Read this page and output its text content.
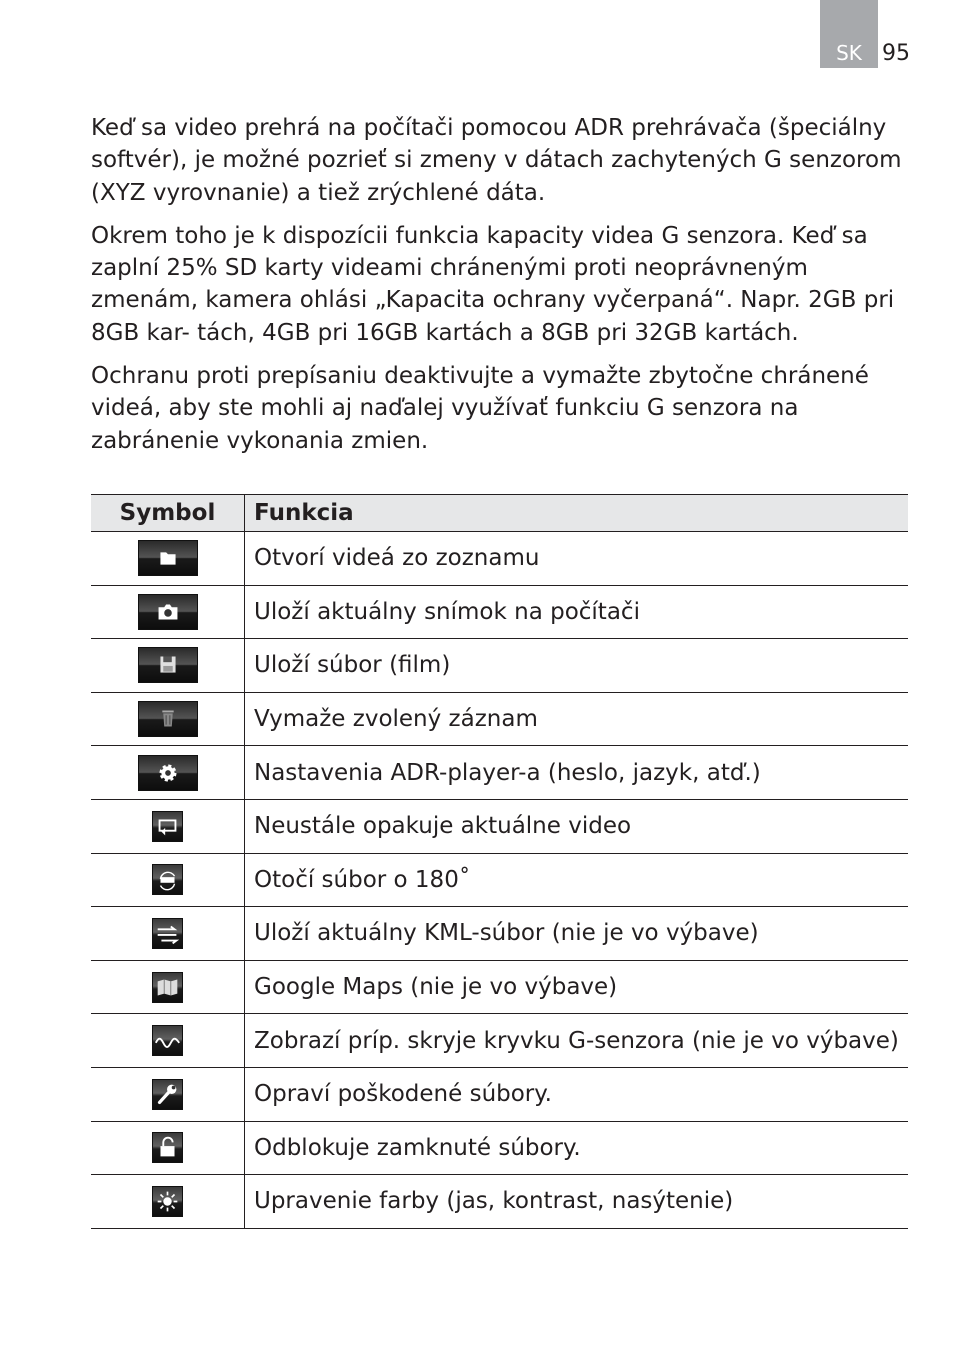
SK 95

Keď sa video prehrá na počítači pomocou ADR prehrávača (špeciálny softvér), je možné pozrieť si zmeny v dátach zachytených G senzorom (XYZ vyrovnanie) a tiež zrýchlené dáta.

Okrem toho je k dispozícii funkcia kapacity videa G senzora. Keď sa zaplní 25% SD karty videami chránenými proti neoprávneným zmenám, kamera ohlási „Kapacita ochrany vyčerpaná“. Napr. 2GB pri 8GB kar- tách, 4GB pri 16GB kartách a 8GB pri 32GB kartách.

Ochranu proti prepísaniu deaktivujte a vymažte zbytočne chránené videá, aby ste mohli aj naďalej využívať funkciu G senzora na zabránenie vykonania zmien.

Symbol	Funkcia

	Otvorí videá zo zoznamu

	Uloží aktuálny snímok na počítači

	Uloží súbor (film)

	Vymaže zvolený záznam

	Nastavenia ADR-player-a (heslo, jazyk, atď.)

	Neustále opakuje aktuálne video

	Otočí súbor o 180˚

	Uloží aktuálny KML-súbor (nie je vo výbave)

	Google Maps (nie je vo výbave)

	Zobrazí príp. skryje kryvku G-senzora (nie je vo výbave)

	Opraví poškodené súbory.

	Odblokuje zamknuté súbory.

	Upravenie farby (jas, kontrast, nasýtenie)
